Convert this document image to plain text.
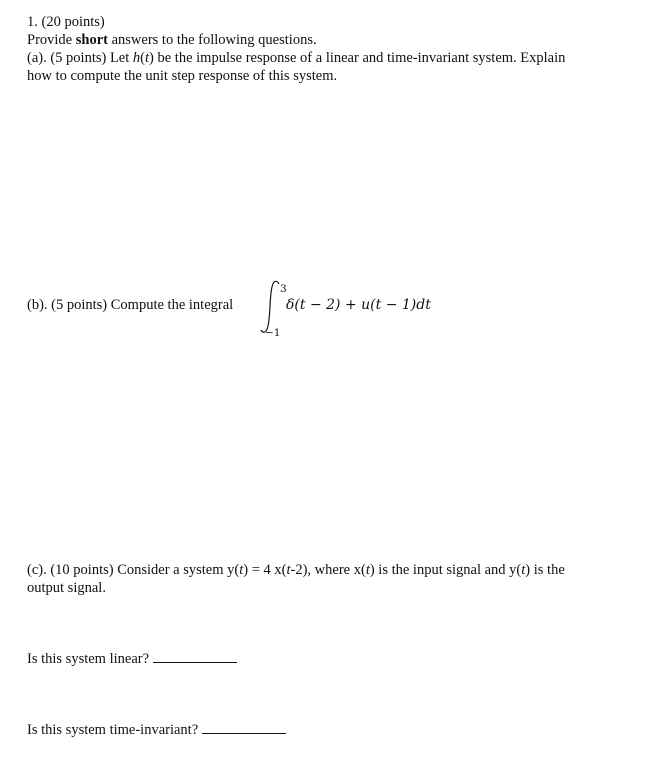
1. (20 points)
Provide short answers to the following questions.
(a). (5 points) Let h(t) be the impulse response of a linear and time-invariant system. Explain
how to compute the unit step response of this system.
(b). (5 points) Compute the integral
3
−1
δ(t − 2) + u(t − 1)dt
(c). (10 points) Consider a system y(t) = 4 x(t-2), where x(t) is the input signal and y(t) is the
output signal.
Is this system linear?
Is this system time-invariant?
